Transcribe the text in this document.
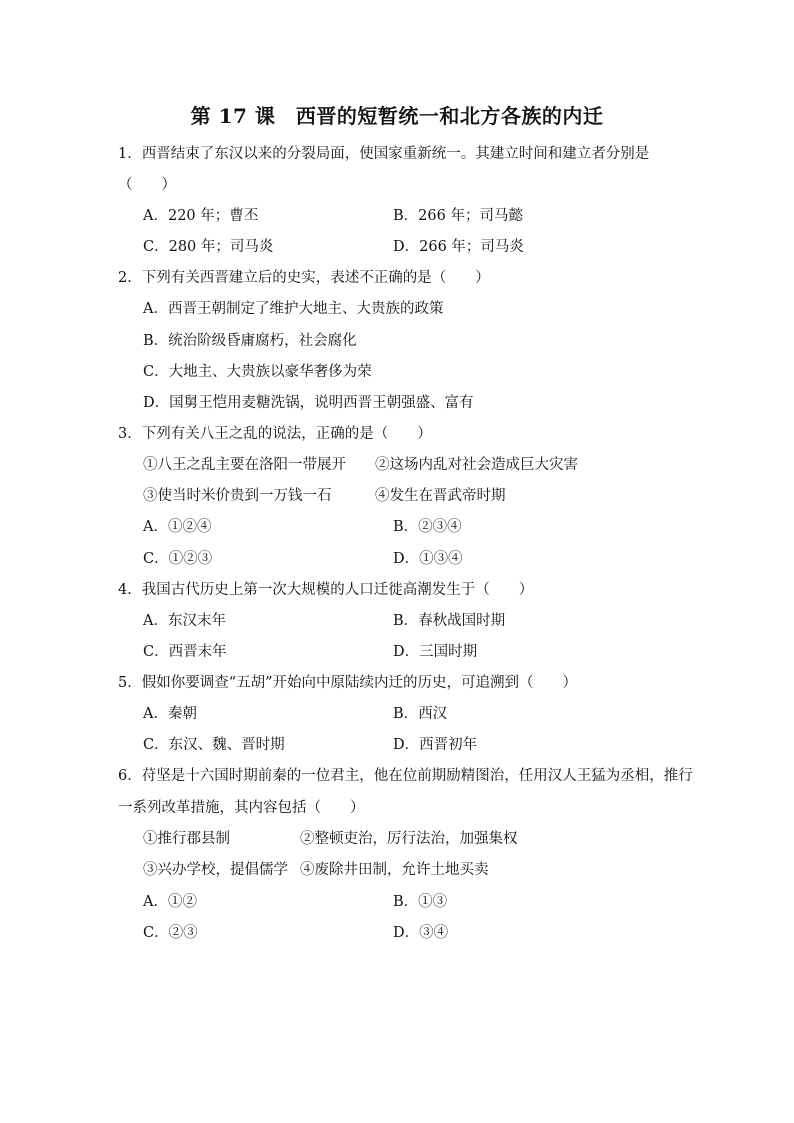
第 17 课　西晋的短暂统一和北方各族的内迁
1．西晋结束了东汉以来的分裂局面，使国家重新统一。其建立时间和建立者分别是
（　　）
A．220 年；曹丕	B．266 年；司马懿
C．280 年；司马炎	D．266 年；司马炎
2．下列有关西晋建立后的史实，表述不正确的是（　　）
A．西晋王朝制定了维护大地主、大贵族的政策
B．统治阶级昏庸腐朽，社会腐化
C．大地主、大贵族以豪华奢侈为荣
D．国舅王恺用麦糖洗锅，说明西晋王朝强盛、富有
3．下列有关八王之乱的说法，正确的是（　　）
①八王之乱主要在洛阳一带展开 ②这场内乱对社会造成巨大灾害
③使当时米价贵到一万钱一石	④发生在晋武帝时期
A．①②④	B．②③④
C．①②③	D．①③④
4．我国古代历史上第一次大规模的人口迁徙高潮发生于（　　）
A．东汉末年	B．春秋战国时期
C．西晋末年	D．三国时期
5．假如你要调查“五胡”开始向中原陆续内迁的历史，可追溯到（　　）
A．秦朝	B．西汉
C．东汉、魏、晋时期	D．西晋初年
6．苻坚是十六国时期前秦的一位君主，他在位前期励精图治，任用汉人王猛为丞相，推行
一系列改革措施，其内容包括（　　）
①推行郡县制	②整顿吏治，厉行法治，加强集权
③兴办学校，提倡儒学 ④废除井田制，允许土地买卖
A．①②	B．①③
C．②③	D．③④
